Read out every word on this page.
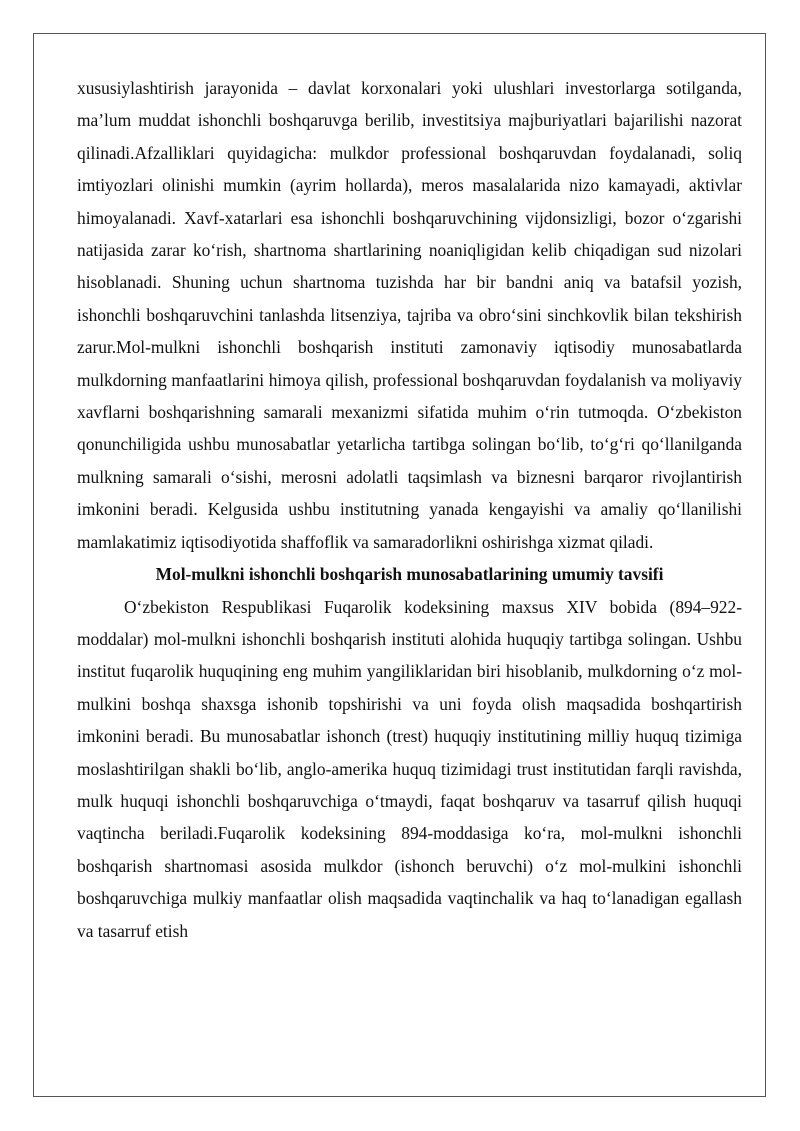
xususiylashtirish jarayonida – davlat korxonalari yoki ulushlari investorlarga sotilganda, ma’lum muddat ishonchli boshqaruvga berilib, investitsiya majburiyatlari bajarilishi nazorat qilinadi.Afzalliklari quyidagicha: mulkdor professional boshqaruvdan foydalanadi, soliq imtiyozlari olinishi mumkin (ayrim hollarda), meros masalalarida nizo kamayadi, aktivlar himoyalanadi. Xavf-xatarlari esa ishonchli boshqaruvchining vijdonsizligi, bozor o‘zgarishi natijasida zarar ko‘rish, shartnoma shartlarining noaniqligidan kelib chiqadigan sud nizolari hisoblanadi. Shuning uchun shartnoma tuzishda har bir bandni aniq va batafsil yozish, ishonchli boshqaruvchini tanlashda litsenziya, tajriba va obro‘sini sinchkovlik bilan tekshirish zarur.Mol-mulkni ishonchli boshqarish instituti zamonaviy iqtisodiy munosabatlarda mulkdorning manfaatlarini himoya qilish, professional boshqaruvdan foydalanish va moliyaviy xavflarni boshqarishning samarali mexanizmi sifatida muhim o‘rin tutmoqda. O‘zbekiston qonunchiligida ushbu munosabatlar yetarlicha tartibga solingan bo‘lib, to‘g‘ri qo‘llanilganda mulkning samarali o‘sishi, merosni adolatli taqsimlash va biznesni barqaror rivojlantirish imkonini beradi. Kelgusida ushbu institutning yanada kengayishi va amaliy qo‘llanilishi mamlakatimiz iqtisodiyotida shaffoflik va samaradorlikni oshirishga xizmat qiladi.

Mol-mulkni ishonchli boshqarish munosabatlarining umumiy tavsifi

O‘zbekiston Respublikasi Fuqarolik kodeksining maxsus XIV bobida (894–922-moddalar) mol-mulkni ishonchli boshqarish instituti alohida huquqiy tartibga solingan. Ushbu institut fuqarolik huquqining eng muhim yangiliklaridan biri hisoblanib, mulkdorning o‘z mol-mulkini boshqa shaxsga ishonib topshirishi va uni foyda olish maqsadida boshqartirish imkonini beradi. Bu munosabatlar ishonch (trest) huquqiy institutining milliy huquq tizimiga moslashtirilgan shakli bo‘lib, anglo-amerika huquq tizimidagi trust institutidan farqli ravishda, mulk huquqi ishonchli boshqaruvchiga o‘tmaydi, faqat boshqaruv va tasarruf qilish huquqi vaqtincha beriladi.Fuqarolik kodeksining 894-moddasiga ko‘ra, mol-mulkni ishonchli boshqarish shartnomasi asosida mulkdor (ishonch beruvchi) o‘z mol-mulkini ishonchli boshqaruvchiga mulkiy manfaatlar olish maqsadida vaqtinchalik va haq to‘lanadigan egallash va tasarruf etish
